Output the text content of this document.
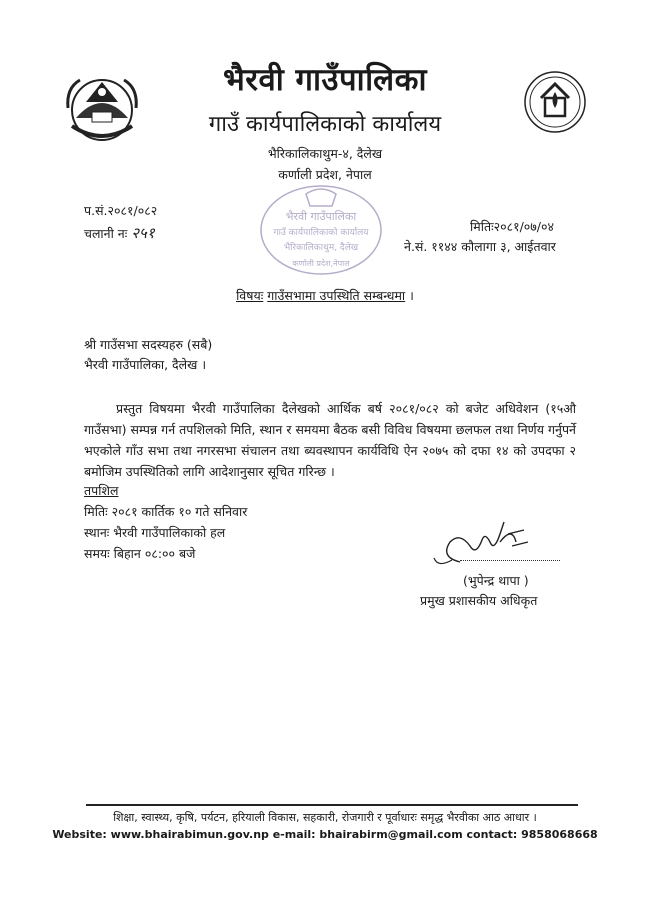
भैरवी गाउँपालिका
गाउँ कार्यपालिकाको कार्यालय
भैरिकालिकाथुम-४, दैलेख
कर्णाली प्रदेश, नेपाल
भैरवी गाउँपालिका
गाउँ कार्यपालिकाको कार्यालय
भैरिकालिकाथुम, दैलेख
कर्णाली प्रदेश,नेपाल
प.सं.२०८१/०८२
चलानी नः २५१	मितिः२०८१/०७/०४
ने.सं. ११४४ कौलागा ३, आईतवार
विषयः गाउँसभामा उपस्थिति सम्बन्धमा ।
श्री गाउँसभा सदस्यहरु (सबै)
भैरवी गाउँपालिका, दैलेख ।
प्रस्तुत विषयमा भैरवी गाउँपालिका दैलेखको आर्थिक बर्ष २०८१/०८२ को बजेट अधिवेशन (१५औ गाउँसभा) सम्पन्न गर्न तपशिलको मिति, स्थान र समयमा बैठक बसी विविध विषयमा छलफल तथा निर्णय गर्नुपर्ने भएकोले गाँउ सभा तथा नगरसभा संचालन तथा ब्यवस्थापन कार्यविधि ऐन २०७५ को दफा १४ को उपदफा २ बमोजिम उपस्थितिको लागि आदेशानुसार सूचित गरिन्छ ।
तपशिल
मितिः २०८१ कार्तिक १० गते सनिवार
स्थानः भैरवी गाउँपालिकाको हल
समयः बिहान ०८:०० बजे
(भुपेन्द्र थापा )
प्रमुख प्रशासकीय अधिकृत
शिक्षा, स्वास्थ्य, कृषि, पर्यटन, हरियाली विकास, सहकारी, रोजगारी र पूर्वाधारः समृद्ध भैरवीका आठ आधार ।
Website: www.bhairabimun.gov.np e-mail: bhairabirm@gmail.com contact: 9858068668
